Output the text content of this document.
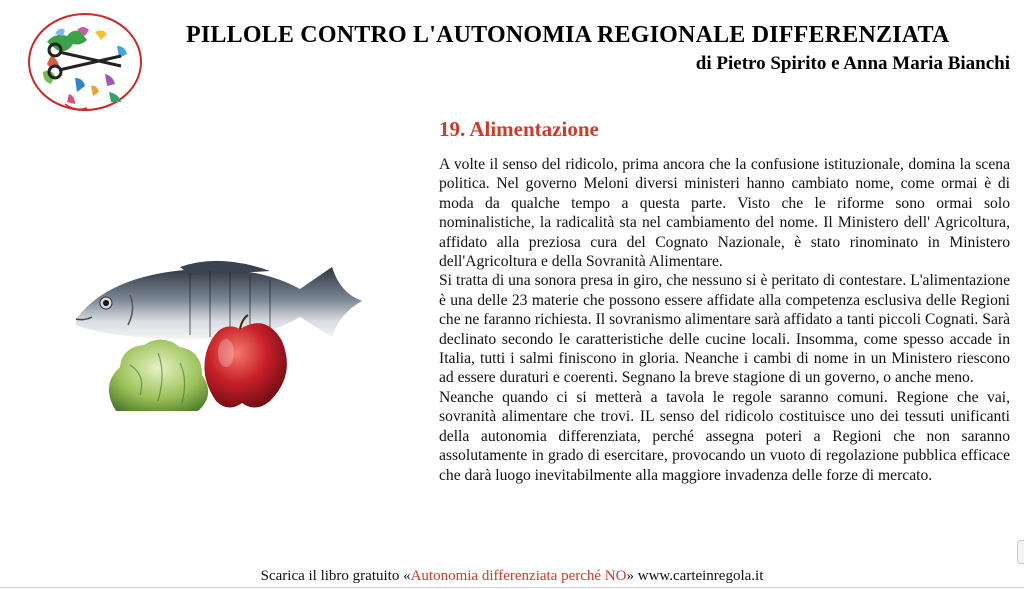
PILLOLE CONTRO L'AUTONOMIA REGIONALE DIFFERENZIATA
di Pietro Spirito e Anna Maria Bianchi
19. Alimentazione

A volte il senso del ridicolo, prima ancora che la confusione istituzionale, domina la scena politica. Nel governo Meloni diversi ministeri hanno cambiato nome, come ormai è di moda da qualche tempo a questa parte. Visto che le riforme sono ormai solo nominalistiche, la radicalità sta nel cambiamento del nome. Il Ministero dell' Agricoltura, affidato alla preziosa cura del Cognato Nazionale, è stato rinominato in Ministero dell'Agricoltura e della Sovranità Alimentare.

Si tratta di una sonora presa in giro, che nessuno si è peritato di contestare. L'alimentazione è una delle 23 materie che possono essere affidate alla competenza esclusiva delle Regioni che ne faranno richiesta. Il sovranismo alimentare sarà affidato a tanti piccoli Cognati. Sarà declinato secondo le caratteristiche delle cucine locali. Insomma, come spesso accade in Italia, tutti i salmi finiscono in gloria. Neanche i cambi di nome in un Ministero riescono ad essere duraturi e coerenti. Segnano la breve stagione di un governo, o anche meno.

Neanche quando ci si metterà a tavola le regole saranno comuni. Regione che vai, sovranità alimentare che trovi. IL senso del ridicolo costituisce uno dei tessuti unificanti della autonomia differenziata, perché assegna poteri a Regioni che non saranno assolutamente in grado di esercitare, provocando un vuoto di regolazione pubblica efficace che darà luogo inevitabilmente alla maggiore invadenza delle forze di mercato.

Scarica il libro gratuito «Autonomia differenziata perché NO» www.carteinregola.it
